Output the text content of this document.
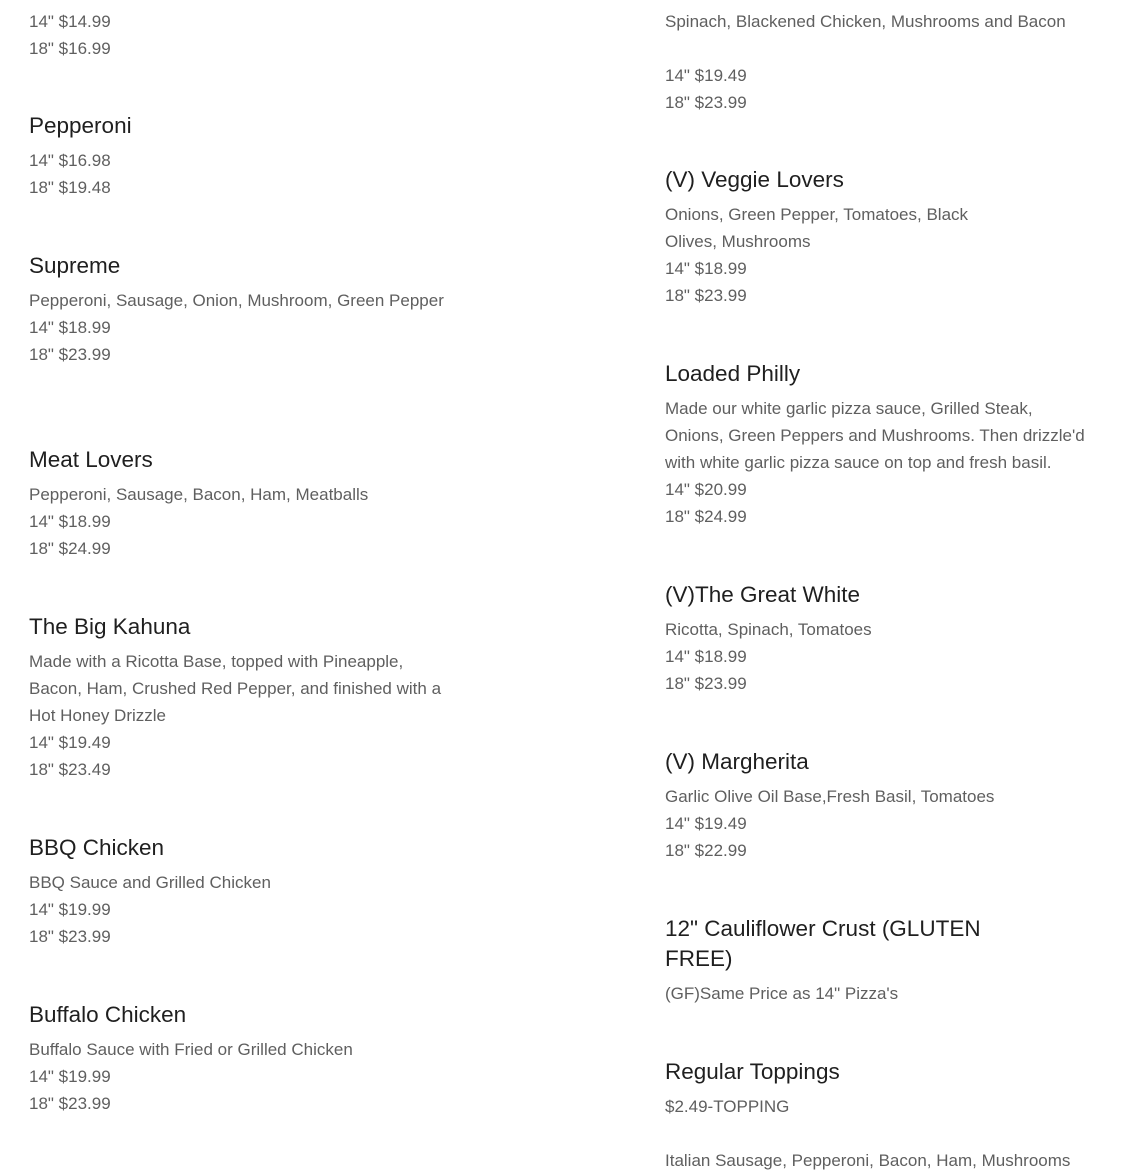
14" $14.99
18" $16.99
Pepperoni
14" $16.98
18" $19.48
Supreme
Pepperoni, Sausage, Onion, Mushroom, Green Pepper
14" $18.99
18" $23.99
Meat Lovers
Pepperoni, Sausage, Bacon, Ham, Meatballs
14" $18.99
18" $24.99
The Big Kahuna
Made with a Ricotta Base, topped with Pineapple,
Bacon, Ham, Crushed Red Pepper, and finished with a
Hot Honey Drizzle
14" $19.49
18" $23.49
BBQ Chicken
BBQ Sauce and Grilled Chicken
14" $19.99
18" $23.99
Buffalo Chicken
Buffalo Sauce with Fried or Grilled Chicken
14" $19.99
18" $23.99
Spinach, Blackened Chicken, Mushrooms and Bacon
14" $19.49
18" $23.99
(V) Veggie Lovers
Onions, Green Pepper, Tomatoes, Black
Olives, Mushrooms
14" $18.99
18" $23.99
Loaded Philly
Made our white garlic pizza sauce, Grilled Steak,
Onions, Green Peppers and Mushrooms. Then drizzle'd
with white garlic pizza sauce on top and fresh basil.
14" $20.99
18" $24.99
(V)The Great White
Ricotta, Spinach, Tomatoes
14" $18.99
18" $23.99
(V) Margherita
Garlic Olive Oil Base,Fresh Basil, Tomatoes
14" $19.49
18" $22.99
12" Cauliflower Crust (GLUTEN FREE)
(GF)Same Price as 14" Pizza's
Regular Toppings
$2.49-TOPPING
Italian Sausage, Pepperoni, Bacon, Ham, Mushrooms
